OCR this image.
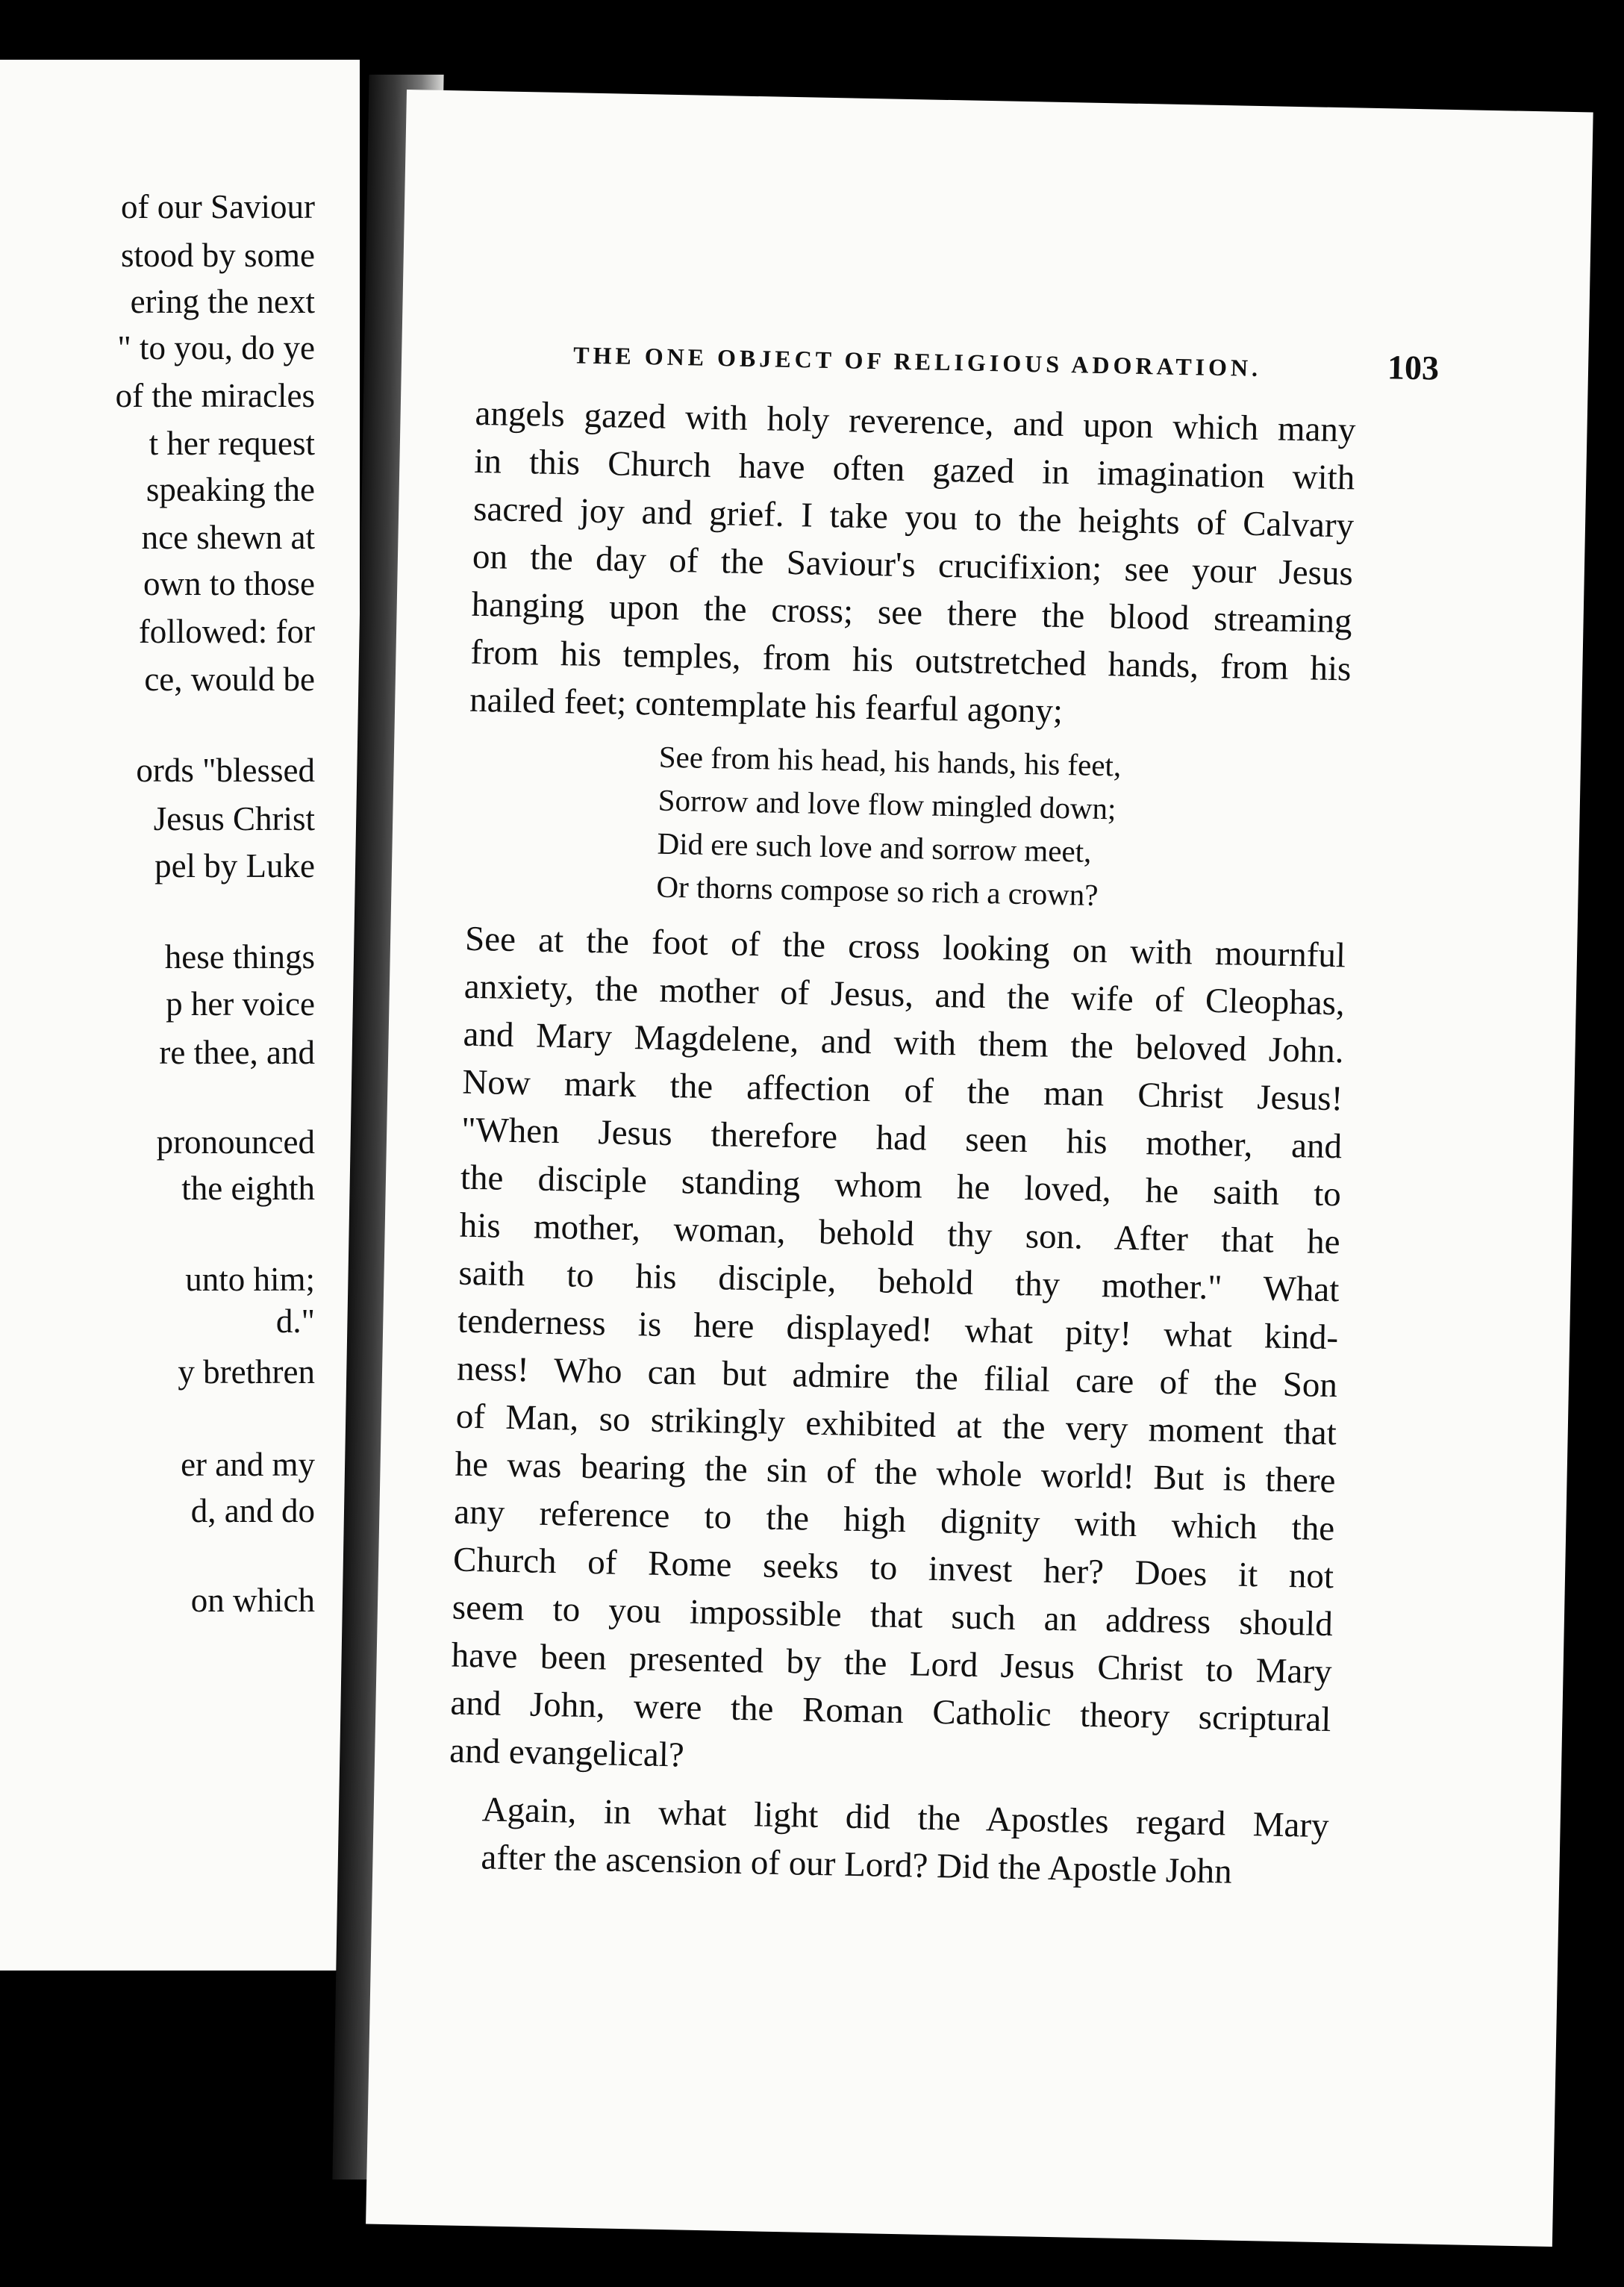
of our Saviour
stood by some
ering the next
" to you, do ye
of the miracles
t her request
speaking the
nce shewn at
own to those
followed: for
ce, would be
ords "blessed
Jesus Christ
pel by Luke
hese things
p her voice
re thee, and
pronounced
the eighth
unto him;
d."
y brethren
er and my
d, and do
on which
THE ONE OBJECT OF RELIGIOUS ADORATION.	103
angels gazed with holy reverence, and upon which many
in this Church have often gazed in imagination with
sacred joy and grief. I take you to the heights of Calvary
on the day of the Saviour's crucifixion; see your Jesus
hanging upon the cross; see there the blood streaming
from his temples, from his outstretched hands, from his
nailed feet; contemplate his fearful agony;
See from his head, his hands, his feet,
Sorrow and love flow mingled down;
Did ere such love and sorrow meet,
Or thorns compose so rich a crown?
See at the foot of the cross looking on with mournful
anxiety, the mother of Jesus, and the wife of Cleophas,
and Mary Magdelene, and with them the beloved John.
Now mark the affection of the man Christ Jesus!
"When Jesus therefore had seen his mother, and
the disciple standing whom he loved, he saith to
his mother, woman, behold thy son. After that he
saith to his disciple, behold thy mother." What
tenderness is here displayed! what pity! what kind-
ness! Who can but admire the filial care of the Son
of Man, so strikingly exhibited at the very moment that
he was bearing the sin of the whole world! But is there
any reference to the high dignity with which the
Church of Rome seeks to invest her? Does it not
seem to you impossible that such an address should
have been presented by the Lord Jesus Christ to Mary
and John, were the Roman Catholic theory scriptural
and evangelical?
Again, in what light did the Apostles regard Mary
after the ascension of our Lord? Did the Apostle John
